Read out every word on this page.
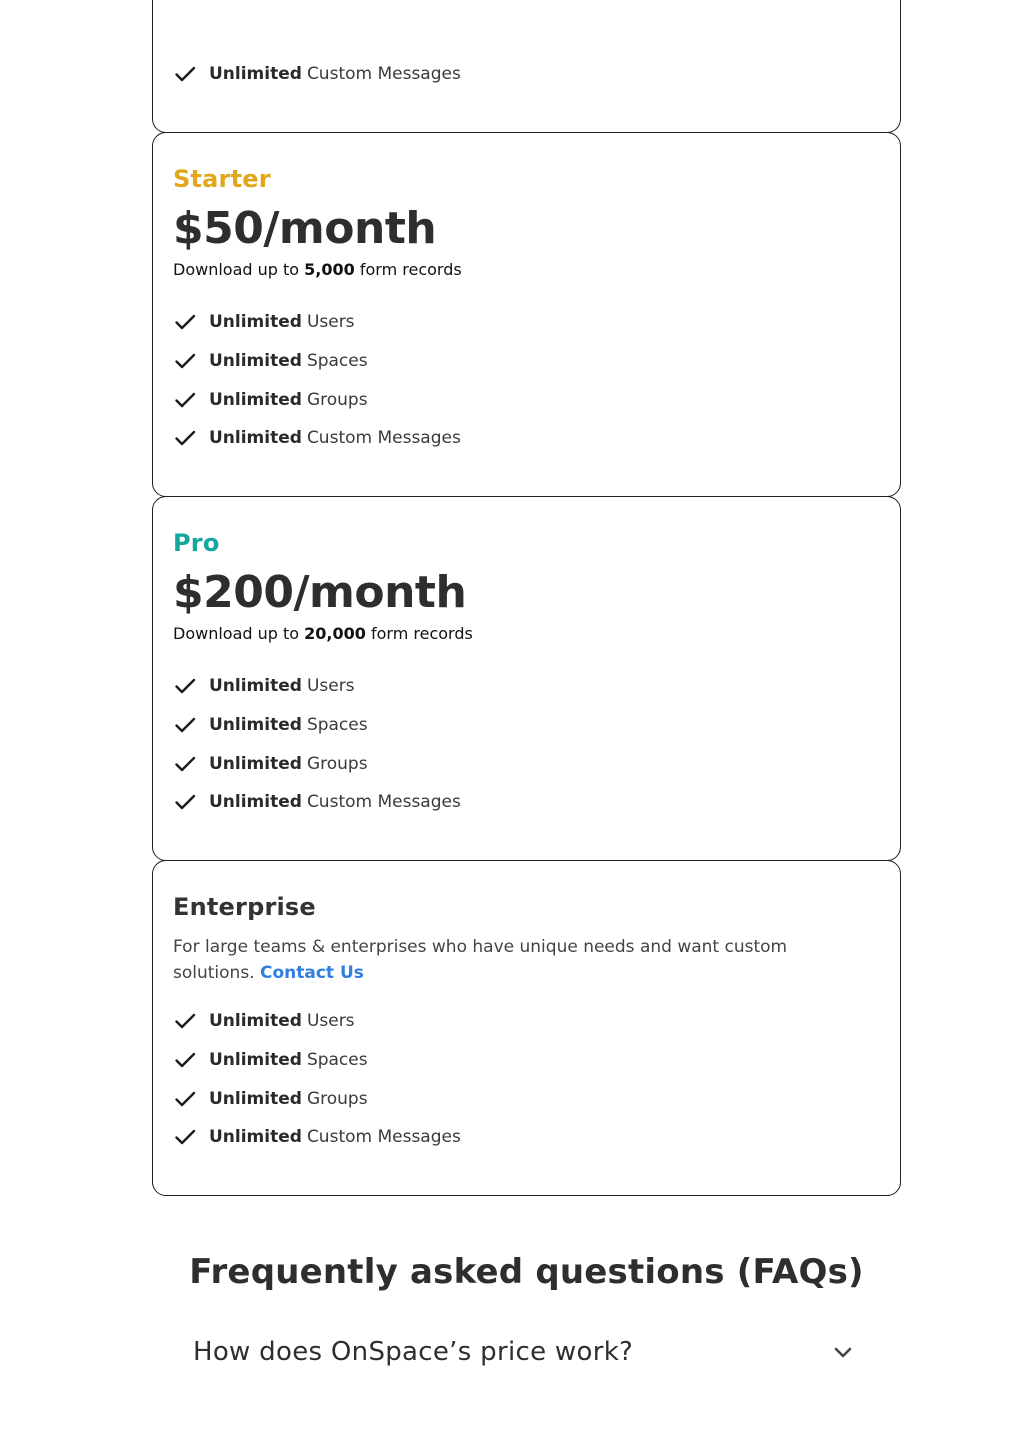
Unlimited Custom Messages
Starter
$50/month
Download up to 5,000 form records
Unlimited Users
Unlimited Spaces
Unlimited Groups
Unlimited Custom Messages
Pro
$200/month
Download up to 20,000 form records
Unlimited Users
Unlimited Spaces
Unlimited Groups
Unlimited Custom Messages
Enterprise
For large teams & enterprises who have unique needs and want custom solutions. Contact Us
Unlimited Users
Unlimited Spaces
Unlimited Groups
Unlimited Custom Messages
Frequently asked questions (FAQs)
How does OnSpace’s price work?
